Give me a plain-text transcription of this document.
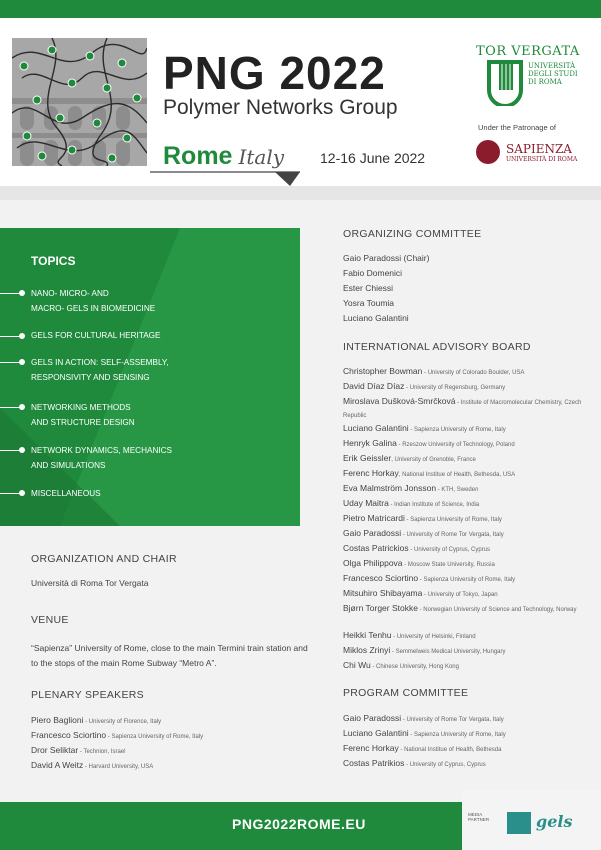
PNG 2022
Polymer Networks Group
Rome Italy	12-16 June 2022
TOR VERGATA
UNIVERSITÀ DEGLI STUDI DI ROMA
Under the Patronage of
SAPIENZA
UNIVERSITÀ DI ROMA
TOPICS
NANO- MICRO- AND
MACRO- GELS IN BIOMEDICINE
GELS FOR CULTURAL HERITAGE
GELS IN ACTION: SELF-ASSEMBLY,
RESPONSIVITY AND SENSING
NETWORKING METHODS
AND STRUCTURE DESIGN
NETWORK DYNAMICS, MECHANICS
AND SIMULATIONS
MISCELLANEOUS
ORGANIZATION AND CHAIR
Università di Roma Tor Vergata
VENUE
“Sapienza” University of Rome, close to the main Termini train station and to the stops of the main Rome Subway “Metro A”.
PLENARY SPEAKERS
Piero Baglioni - University of Florence, Italy
Francesco Sciortino - Sapienza University of Rome, Italy
Dror Seliktar - Technion, Israel
David A Weitz - Harvard University, USA
ORGANIZING COMMITTEE
Gaio Paradossi (Chair)
Fabio Domenici
Ester Chiessi
Yosra Toumia
Luciano Galantini
INTERNATIONAL ADVISORY BOARD
Christopher Bowman - University of Colorado Boulder, USA
David Díaz Díaz - University of Regensburg, Germany
Miroslava Dušková-Smrčková - Institute of Macromolecular Chemistry, Czech Republic
Luciano Galantini - Sapienza University of Rome, Italy
Henryk Galina - Rzeszow University of Technology, Poland
Erik Geissler, University of Grenoble, France
Ferenc Horkay, National Institue of Health, Bethesda, USA
Eva Malmström Jonsson - KTH, Sweden
Uday Maitra - Indian Institute of Science, India
Pietro Matricardi - Sapienza University of Rome, Italy
Gaio Paradossi - University of Rome Tor Vergata, Italy
Costas Patrickios - University of Cyprus, Cyprus
Olga Philippova - Moscow State University, Russia
Francesco Sciortino - Sapienza University of Rome, Italy
Mitsuhiro Shibayama - University of Tokyo, Japan
Bjørn Torger Stokke - Norwegian University of Science and Technology, Norway
Heikki Tenhu - University of Helsinki, Finland
Miklos Zrinyi - Semmelweis Medical University, Hungary
Chi Wu - Chinese University, Hong Kong
PROGRAM COMMITTEE
Gaio Paradossi - University of Rome Tor Vergata, Italy
Luciano Galantini - Sapienza University of Rome, Italy
Ferenc Horkay - National Institue of Health, Bethesda
Costas Patrikios - University of Cyprus, Cyprus
PNG2022ROME.EU
MEDIA PARTNER	gels
